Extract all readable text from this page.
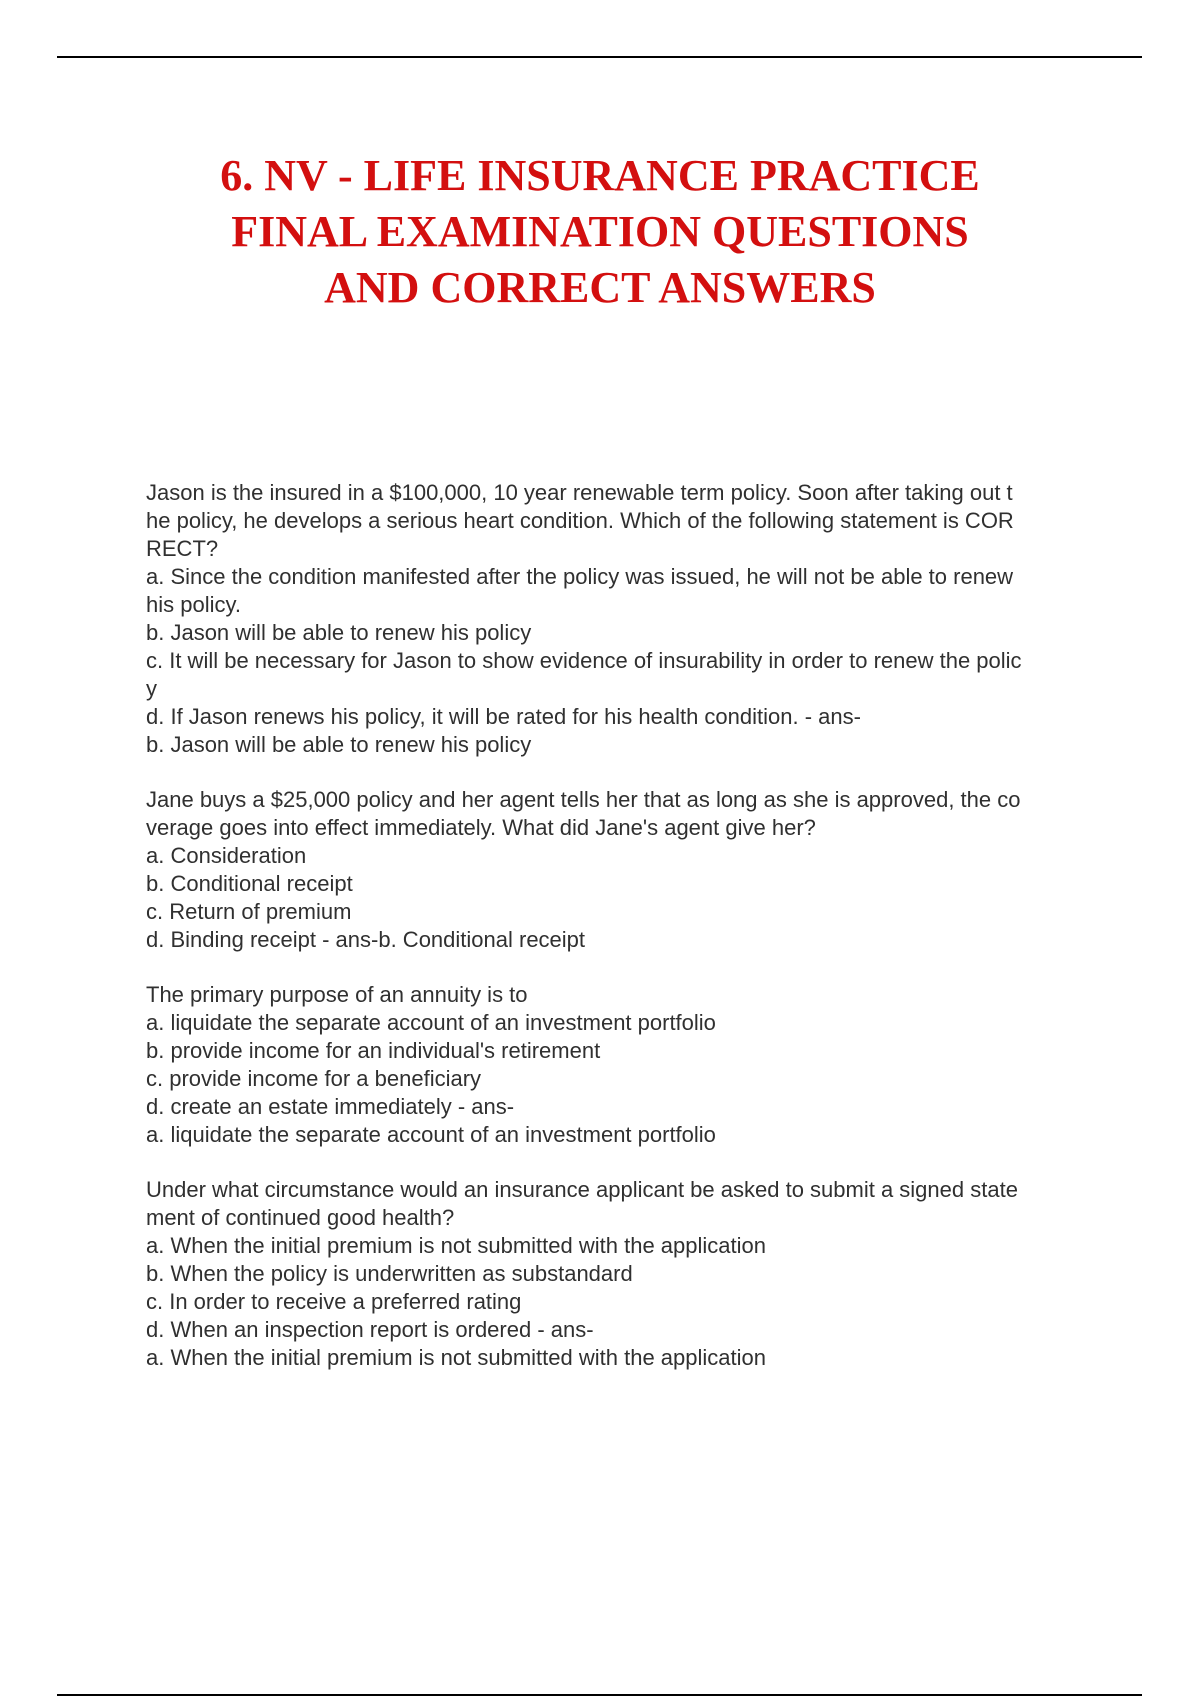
6. NV - LIFE INSURANCE PRACTICE
FINAL EXAMINATION QUESTIONS
AND CORRECT ANSWERS
Jason is the insured in a $100,000, 10 year renewable term policy. Soon after taking out t
he policy, he develops a serious heart condition. Which of the following statement is COR
RECT?
a. Since the condition manifested after the policy was issued, he will not be able to renew
his policy.
b. Jason will be able to renew his policy
c. It will be necessary for Jason to show evidence of insurability in order to renew the polic
y
d. If Jason renews his policy, it will be rated for his health condition. - ans-
b. Jason will be able to renew his policy
Jane buys a $25,000 policy and her agent tells her that as long as she is approved, the co
verage goes into effect immediately. What did Jane's agent give her?
a. Consideration
b. Conditional receipt
c. Return of premium
d. Binding receipt - ans-b. Conditional receipt
The primary purpose of an annuity is to
a. liquidate the separate account of an investment portfolio
b. provide income for an individual's retirement
c. provide income for a beneficiary
d. create an estate immediately - ans-
a. liquidate the separate account of an investment portfolio
Under what circumstance would an insurance applicant be asked to submit a signed state
ment of continued good health?
a. When the initial premium is not submitted with the application
b. When the policy is underwritten as substandard
c. In order to receive a preferred rating
d. When an inspection report is ordered - ans-
a. When the initial premium is not submitted with the application
